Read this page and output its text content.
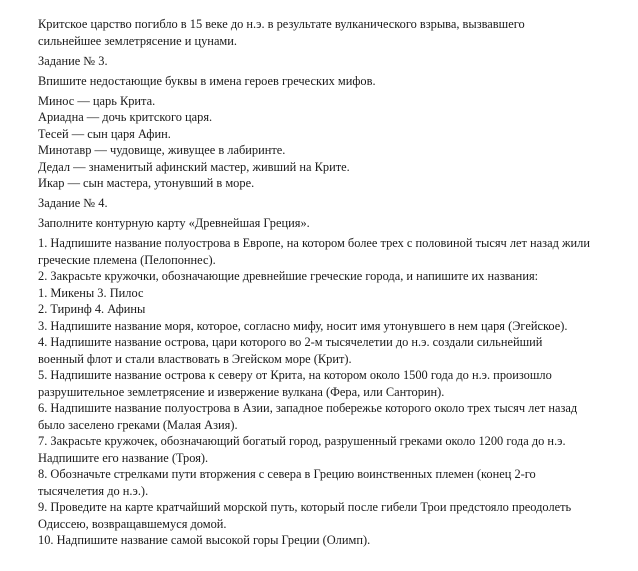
Критское царство погибло в 15 веке до н.э. в результате вулканического взрыва, вызвавшего
сильнейшее землетрясение и цунами.

Задание № 3.

Впишите недостающие буквы в имена героев греческих мифов.

Минос — царь Крита.
Ариадна — дочь критского царя.
Тесей — сын царя Афин.
Минотавр — чудовище, живущее в лабиринте.
Дедал — знаменитый афинский мастер, живший на Крите.
Икар — сын мастера, утонувший в море.

Задание № 4.

Заполните контурную карту «Древнейшая Греция».

1. Надпишите название полуострова в Европе, на котором более трех с половиной тысяч лет назад жили
греческие племена (Пелопоннес).
2. Закрасьте кружочки, обозначающие древнейшие греческие города, и напишите их названия:
1. Микены 3. Пилос
2. Тиринф 4. Афины
3. Надпишите название моря, которое, согласно мифу, носит имя утонувшего в нем царя (Эгейское).
4. Надпишите название острова, цари которого во 2-м тысячелетии до н.э. создали сильнейший
военный флот и стали властвовать в Эгейском море (Крит).
5. Надпишите название острова к северу от Крита, на котором около 1500 года до н.э. произошло
разрушительное землетрясение и извержение вулкана (Фера, или Санторин).
6. Надпишите название полуострова в Азии, западное побережье которого около трех тысяч лет назад
было заселено греками (Малая Азия).
7. Закрасьте кружочек, обозначающий богатый город, разрушенный греками около 1200 года до н.э.
Надпишите его название (Троя).
8. Обозначьте стрелками пути вторжения с севера в Грецию воинственных племен (конец 2-го
тысячелетия до н.э.).
9. Проведите на карте кратчайший морской путь, который после гибели Трои предстояло преодолеть
Одиссею, возвращавшемуся домой.
10. Надпишите название самой высокой горы Греции (Олимп).
